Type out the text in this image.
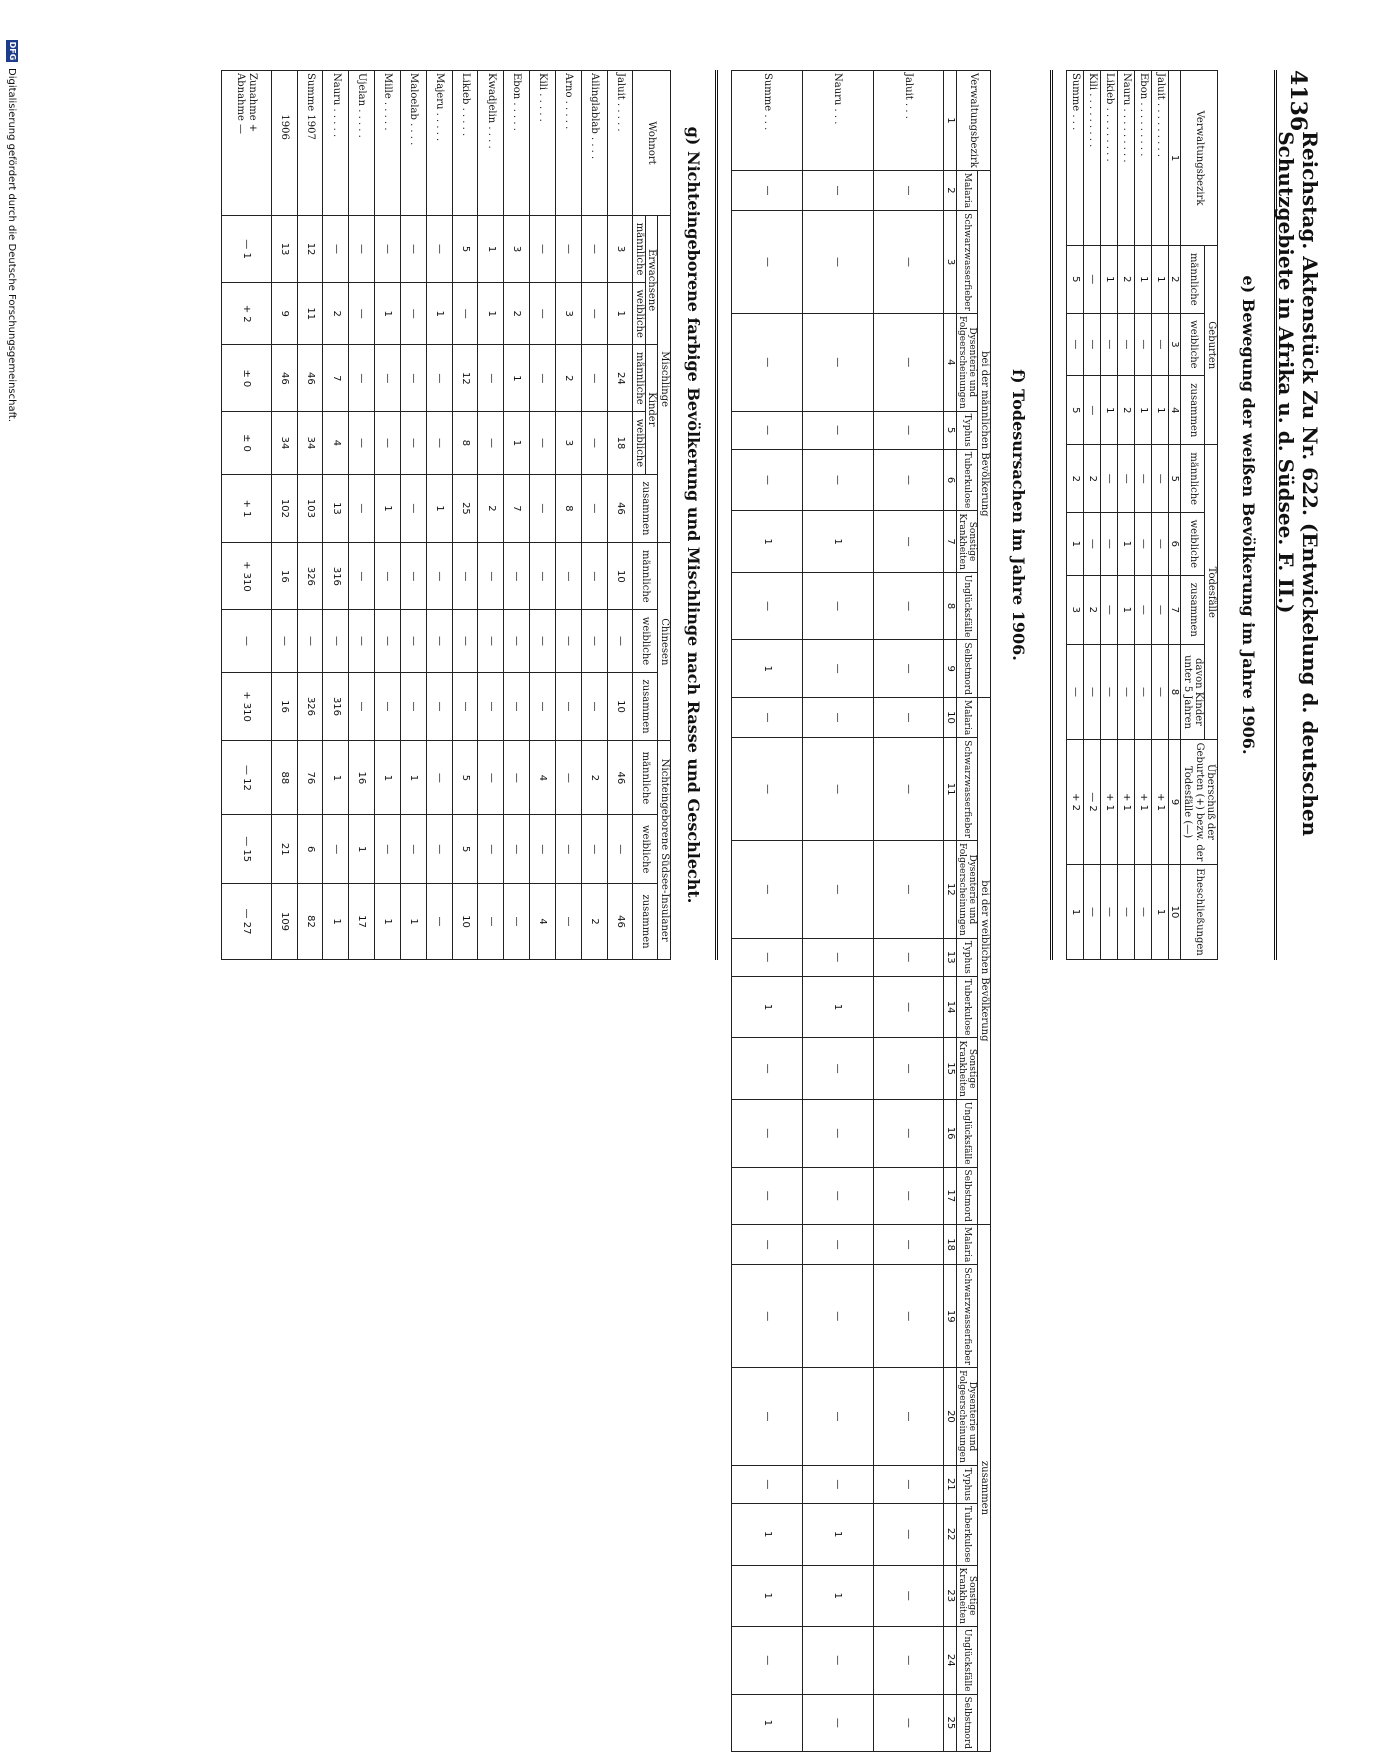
4136
Reichstag. Aktenstück Zu Nr. 622. (Entwickelung d. deutschen Schutzgebiete in Afrika u. d. Südsee. F. II.)
e) Bewegung der weißen Bevölkerung im Jahre 1906.
Verwaltungsbezirk	Geburten			Todesfälle				Überschuß der Geburten (+) bezw. der Todesfälle (—)	Eheschließungen
	männliche	weibliche	zusammen	männliche	weibliche	zusammen	davon Kinder unter 5 Jahren		
1	2	3	4	5	6	7	8	9	10
Jaluit . . . . . . . . .	1	—	1	—	—	—	—	+ 1	1
Ebon . . . . . . . . .	1	—	1	—	—	—	—	+ 1	—
Nauru . . . . . . . . .	2	—	2	—	1	1	—	+ 1	—
Likieb . . . . . . . . .	1	—	1	—	—	—	—	+ 1	—
Kili . . . . . . . . .	—	—	—	2	—	2	—	— 2	—
Summe . . .	5	—	5	2	1	3	—	+ 2	1
f) Todesursachen im Jahre 1906.
Verwaltungsbezirk	bei der männlichen Bevölkerung								bei der weiblichen Bevölkerung								zusammen							
	Malaria	Schwarzwasserfieber	Dysenterie und Folgeerscheinungen	Typhus	Tuberkulose	Sonstige Krankheiten	Unglücksfälle	Selbstmord	Malaria	Schwarzwasserfieber	Dysenterie und Folgeerscheinungen	Typhus	Tuberkulose	Sonstige Krankheiten	Unglücksfälle	Selbstmord	Malaria	Schwarzwasserfieber	Dysenterie und Folgeerscheinungen	Typhus	Tuberkulose	Sonstige Krankheiten	Unglücksfälle	Selbstmord
1	2	3	4	5	6	7	8	9	10	11	12	13	14	15	16	17	18	19	20	21	22	23	24	25
Jaluit . . .	—	—	—	—	—	—	—	—	—	—	—	—	—	—	—	—	—	—	—	—	—	—	—	—
Nauru . . .	—	—	—	—	—	1	—	—	—	—	—	—	1	—	—	—	—	—	—	—	1	1	—	—
Summe . . .	—	—	—	—	—	1	—	1	—	—	—	—	1	—	—	—	—	—	—	—	1	1	—	1
g) Nichteingeborene farbige Bevölkerung und Mischlinge nach Rasse und Geschlecht.
Wohnort	Mischlinge					Chinesen			Nichteingeborene Südsee-Insulaner		
	Erwachsene		Kinder		zusammen	männliche	weibliche	zusammen	männliche	weibliche	zusammen
	männliche	weibliche	männliche	weibliche							
Jaluit . . . . .	3	1	24	18	46	10	—	10	46	—	46
Ailinglablab . . . .	—	—	—	—	—	—	—	—	2	—	2
Arno . . . . .	—	3	2	3	8	—	—	—	—	—	—
Kili . . . . .	—	—	—	—	—	—	—	—	4	—	4
Ebon . . . . .	3	2	1	1	7	—	—	—	—	—	—
Kwadjelin . . . .	1	1	—	—	2	—	—	—	—	—	—
Likieb . . . . .	5	—	12	8	25	—	—	—	5	5	10
Majeru . . . . .	—	1	—	—	1	—	—	—	—	—	—
Maloelab . . . .	—	—	—	—	—	—	—	—	1	—	1
Mille . . . . .	—	1	—	—	1	—	—	—	1	—	1
Ujelan . . . . .	—	—	—	—	—	—	—	—	16	1	17
Nauru . . . . .	—	2	7	4	13	316	—	316	1	—	1
Summe 1907	12	11	46	34	103	326	—	326	76	6	82
1906	13	9	46	34	102	16	—	16	88	21	109

Zunahme +
Abnahme —	— 1	+ 2	± 0	± 0	+ 1	+ 310	—	+ 310	— 12	— 15	— 27
DFG
Digitalisierung gefördert durch die Deutsche Forschungsgemeinschaft.
